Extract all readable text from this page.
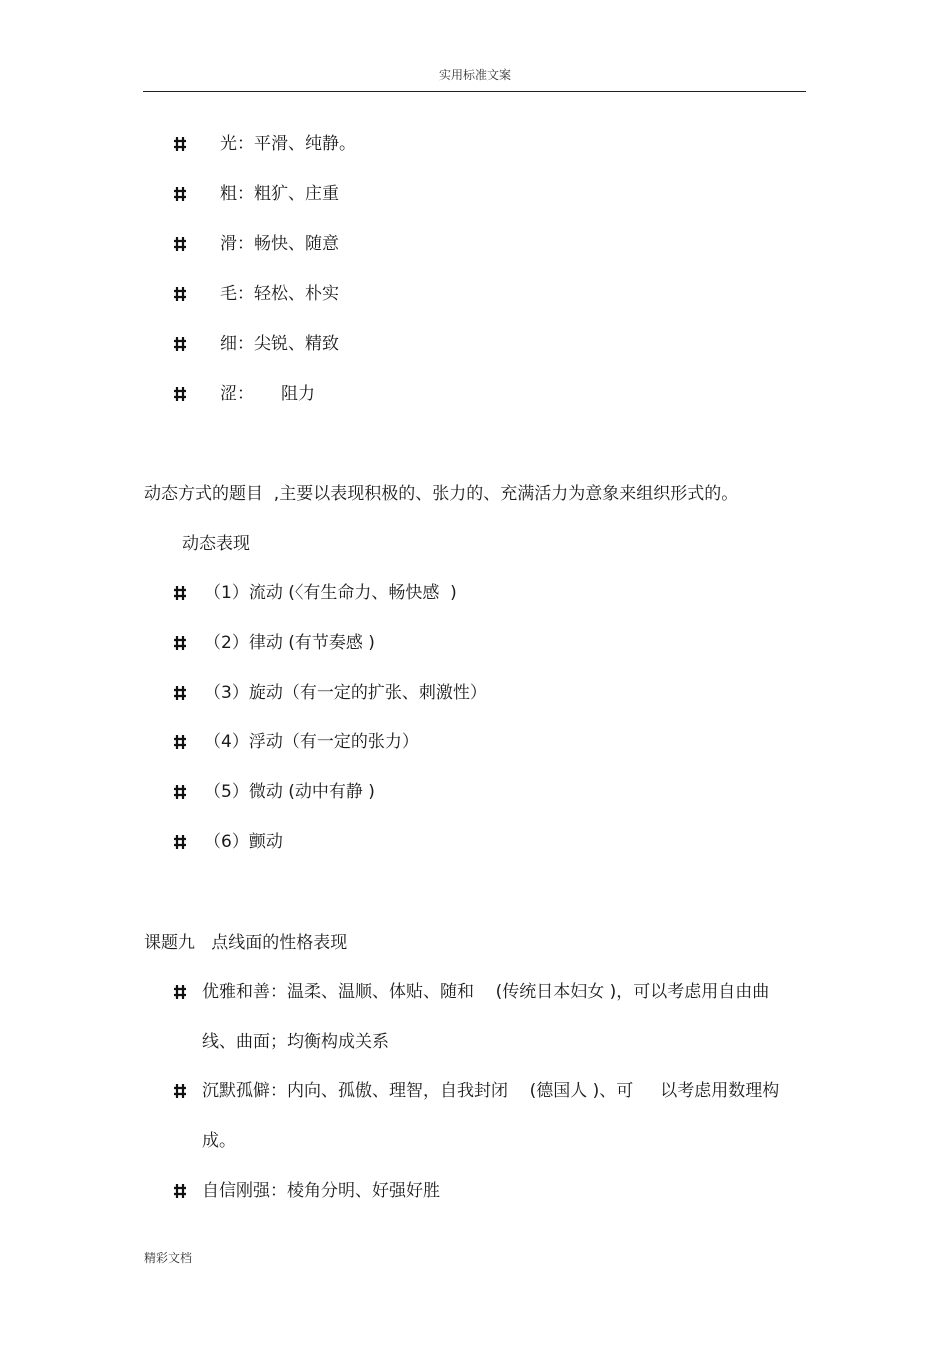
实用标准文案
光：平滑、纯静。
粗：粗犷、庄重
滑：畅快、随意
毛：轻松、朴实
细：尖锐、精致
涩：     阻力
动态方式的题目  ,主要以表现积极的、张力的、充满活力为意象来组织形式的。
动态表现
（1）流动 (〈有生命力、畅快感  )
（2）律动 (有节奏感 )
（3）旋动（有一定的扩张、刺激性）
（4）浮动（有一定的张力）
（5）微动 (动中有静 )
（6）颤动
课题九   点线面的性格表现
优雅和善：温柔、温顺、体贴、随和    (传统日本妇女 )，可以考虑用自由曲
线、曲面；均衡构成关系
沉默孤僻：内向、孤傲、理智，自我封闭    (德国人 )、可     以考虑用数理构
成。
自信刚强：棱角分明、好强好胜
精彩文档
